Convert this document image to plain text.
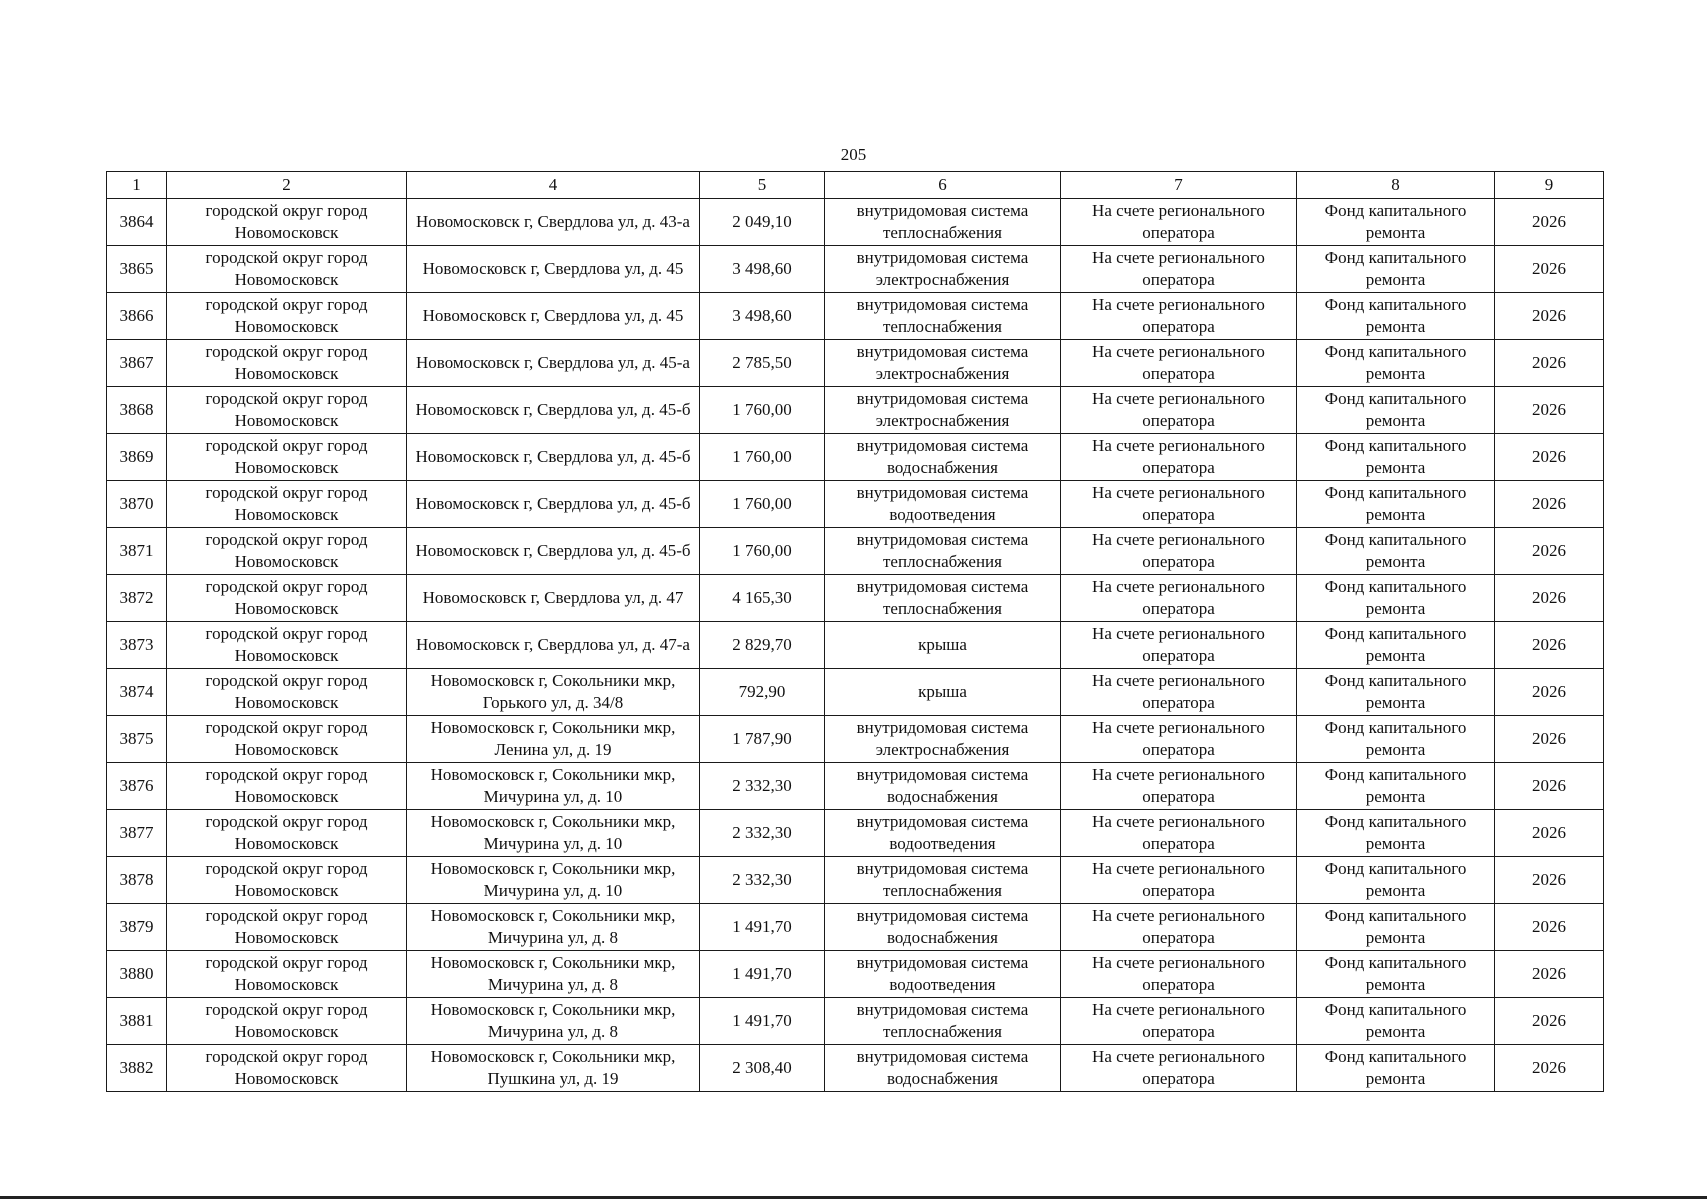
205
1	2	4	5	6	7	8	9
3864	городской округ город Новомосковск	Новомосковск г, Свердлова ул, д. 43-а	2 049,10	внутридомовая система теплоснабжения	На счете регионального оператора	Фонд капитального ремонта	2026
3865	городской округ город Новомосковск	Новомосковск г, Свердлова ул, д. 45	3 498,60	внутридомовая система электроснабжения	На счете регионального оператора	Фонд капитального ремонта	2026
3866	городской округ город Новомосковск	Новомосковск г, Свердлова ул, д. 45	3 498,60	внутридомовая система теплоснабжения	На счете регионального оператора	Фонд капитального ремонта	2026
3867	городской округ город Новомосковск	Новомосковск г, Свердлова ул, д. 45-а	2 785,50	внутридомовая система электроснабжения	На счете регионального оператора	Фонд капитального ремонта	2026
3868	городской округ город Новомосковск	Новомосковск г, Свердлова ул, д. 45-б	1 760,00	внутридомовая система электроснабжения	На счете регионального оператора	Фонд капитального ремонта	2026
3869	городской округ город Новомосковск	Новомосковск г, Свердлова ул, д. 45-б	1 760,00	внутридомовая система водоснабжения	На счете регионального оператора	Фонд капитального ремонта	2026
3870	городской округ город Новомосковск	Новомосковск г, Свердлова ул, д. 45-б	1 760,00	внутридомовая система водоотведения	На счете регионального оператора	Фонд капитального ремонта	2026
3871	городской округ город Новомосковск	Новомосковск г, Свердлова ул, д. 45-б	1 760,00	внутридомовая система теплоснабжения	На счете регионального оператора	Фонд капитального ремонта	2026
3872	городской округ город Новомосковск	Новомосковск г, Свердлова ул, д. 47	4 165,30	внутридомовая система теплоснабжения	На счете регионального оператора	Фонд капитального ремонта	2026
3873	городской округ город Новомосковск	Новомосковск г, Свердлова ул, д. 47-а	2 829,70	крыша	На счете регионального оператора	Фонд капитального ремонта	2026
3874	городской округ город Новомосковск	Новомосковск г, Сокольники мкр, Горького ул, д. 34/8	792,90	крыша	На счете регионального оператора	Фонд капитального ремонта	2026
3875	городской округ город Новомосковск	Новомосковск г, Сокольники мкр, Ленина ул, д. 19	1 787,90	внутридомовая система электроснабжения	На счете регионального оператора	Фонд капитального ремонта	2026
3876	городской округ город Новомосковск	Новомосковск г, Сокольники мкр, Мичурина ул, д. 10	2 332,30	внутридомовая система водоснабжения	На счете регионального оператора	Фонд капитального ремонта	2026
3877	городской округ город Новомосковск	Новомосковск г, Сокольники мкр, Мичурина ул, д. 10	2 332,30	внутридомовая система водоотведения	На счете регионального оператора	Фонд капитального ремонта	2026
3878	городской округ город Новомосковск	Новомосковск г, Сокольники мкр, Мичурина ул, д. 10	2 332,30	внутридомовая система теплоснабжения	На счете регионального оператора	Фонд капитального ремонта	2026
3879	городской округ город Новомосковск	Новомосковск г, Сокольники мкр, Мичурина ул, д. 8	1 491,70	внутридомовая система водоснабжения	На счете регионального оператора	Фонд капитального ремонта	2026
3880	городской округ город Новомосковск	Новомосковск г, Сокольники мкр, Мичурина ул, д. 8	1 491,70	внутридомовая система водоотведения	На счете регионального оператора	Фонд капитального ремонта	2026
3881	городской округ город Новомосковск	Новомосковск г, Сокольники мкр, Мичурина ул, д. 8	1 491,70	внутридомовая система теплоснабжения	На счете регионального оператора	Фонд капитального ремонта	2026
3882	городской округ город Новомосковск	Новомосковск г, Сокольники мкр, Пушкина ул, д. 19	2 308,40	внутридомовая система водоснабжения	На счете регионального оператора	Фонд капитального ремонта	2026
